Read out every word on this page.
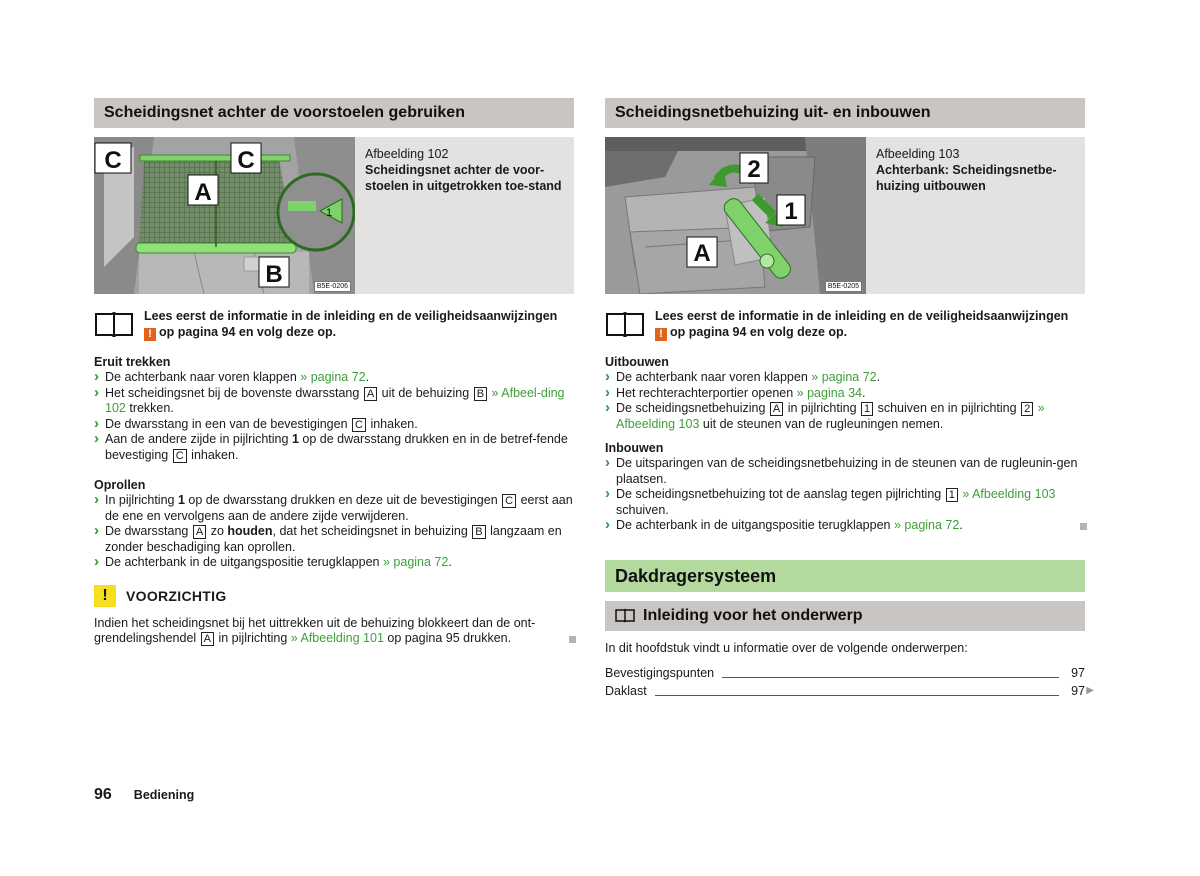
Scheidingsnet achter de voorstoelen gebruiken
1
C	C
A
B	B5E-0206
Afbeelding 102
Scheidingsnet achter de voor-stoelen in uitgetrokken toe-stand
Lees eerst de informatie in de inleiding en de veiligheidsaanwijzingen
! op pagina 94 en volg deze op.
Eruit trekken
› De achterbank naar voren klappen » pagina 72.
› Het scheidingsnet bij de bovenste dwarsstang A uit de behuizing B » Afbeel-ding 102 trekken.
› De dwarsstang in een van de bevestigingen C inhaken.
› Aan de andere zijde in pijlrichting 1 op de dwarsstang drukken en in de betref-fende bevestiging C inhaken.
Oprollen
› In pijlrichting 1 op de dwarsstang drukken en deze uit de bevestigingen C eerst aan de ene en vervolgens aan de andere zijde verwijderen.
› De dwarsstang A zo houden, dat het scheidingsnet in behuizing B langzaam en zonder beschadiging kan oprollen.
› De achterbank in de uitgangspositie terugklappen » pagina 72.
!	VOORZICHTIG
Indien het scheidingsnet bij het uittrekken uit de behuizing blokkeert dan de ont-grendelingshendel A in pijlrichting » Afbeelding 101 op pagina 95 drukken.
Scheidingsnetbehuizing uit- en inbouwen
2
1
A
B5E-0205
Afbeelding 103
Achterbank: Scheidingsnetbe-huizing uitbouwen
Lees eerst de informatie in de inleiding en de veiligheidsaanwijzingen
! op pagina 94 en volg deze op.
Uitbouwen
› De achterbank naar voren klappen » pagina 72.
› Het rechterachterportier openen » pagina 34.
› De scheidingsnetbehuizing A in pijlrichting 1 schuiven en in pijlrichting 2 » Afbeelding 103 uit de steunen van de rugleuningen nemen.
Inbouwen
› De uitsparingen van de scheidingsnetbehuizing in de steunen van de rugleunin-gen plaatsen.
› De scheidingsnetbehuizing tot de aanslag tegen pijlrichting 1 » Afbeelding 103 schuiven.
› De achterbank in de uitgangspositie terugklappen » pagina 72.
Dakdragersysteem
Inleiding voor het onderwerp
In dit hoofdstuk vindt u informatie over de volgende onderwerpen:
Bevestigingspunten	97
Daklast	97 ▶
96 Bediening
